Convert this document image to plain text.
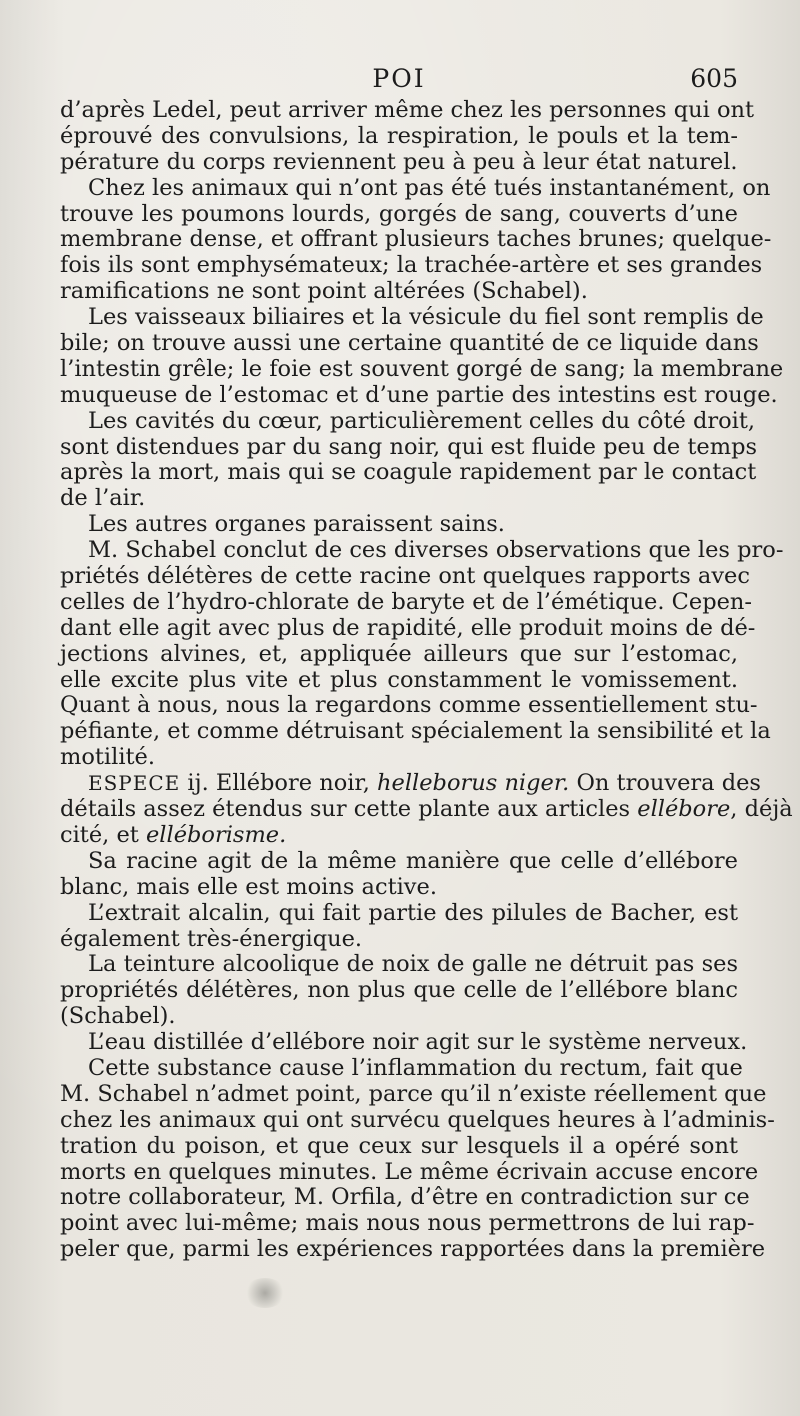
POI	605
d’après Ledel, peut arriver même chez les personnes qui ont
éprouvé des convulsions, la respiration, le pouls et la tem-
pérature du corps reviennent peu à peu à leur état naturel.
Chez les animaux qui n’ont pas été tués instantanément, on
trouve les poumons lourds, gorgés de sang, couverts d’une
membrane dense, et offrant plusieurs taches brunes; quelque-
fois ils sont emphysémateux; la trachée-artère et ses grandes
ramifications ne sont point altérées (Schabel).
Les vaisseaux biliaires et la vésicule du fiel sont remplis de
bile; on trouve aussi une certaine quantité de ce liquide dans
l’intestin grêle; le foie est souvent gorgé de sang; la membrane
muqueuse de l’estomac et d’une partie des intestins est rouge.
Les cavités du cœur, particulièrement celles du côté droit,
sont distendues par du sang noir, qui est fluide peu de temps
après la mort, mais qui se coagule rapidement par le contact
de l’air.
Les autres organes paraissent sains.
M. Schabel conclut de ces diverses observations que les pro-
priétés délétères de cette racine ont quelques rapports avec
celles de l’hydro-chlorate de baryte et de l’émétique. Cepen-
dant elle agit avec plus de rapidité, elle produit moins de dé-
jections alvines, et, appliquée ailleurs que sur l’estomac,
elle excite plus vite et plus constamment le vomissement.
Quant à nous, nous la regardons comme essentiellement stu-
péfiante, et comme détruisant spécialement la sensibilité et la
motilité.
ESPECE ij. Ellébore noir, helleborus niger. On trouvera des
détails assez étendus sur cette plante aux articles ellébore, déjà
cité, et elléborisme.
Sa racine agit de la même manière que celle d’ellébore
blanc, mais elle est moins active.
L’extrait alcalin, qui fait partie des pilules de Bacher, est
également très-énergique.
La teinture alcoolique de noix de galle ne détruit pas ses
propriétés délétères, non plus que celle de l’ellébore blanc
(Schabel).
L’eau distillée d’ellébore noir agit sur le système nerveux.
Cette substance cause l’inflammation du rectum, fait que
M. Schabel n’admet point, parce qu’il n’existe réellement que
chez les animaux qui ont survécu quelques heures à l’adminis-
tration du poison, et que ceux sur lesquels il a opéré sont
morts en quelques minutes. Le même écrivain accuse encore
notre collaborateur, M. Orfila, d’être en contradiction sur ce
point avec lui-même; mais nous nous permettrons de lui rap-
peler que, parmi les expériences rapportées dans la première
